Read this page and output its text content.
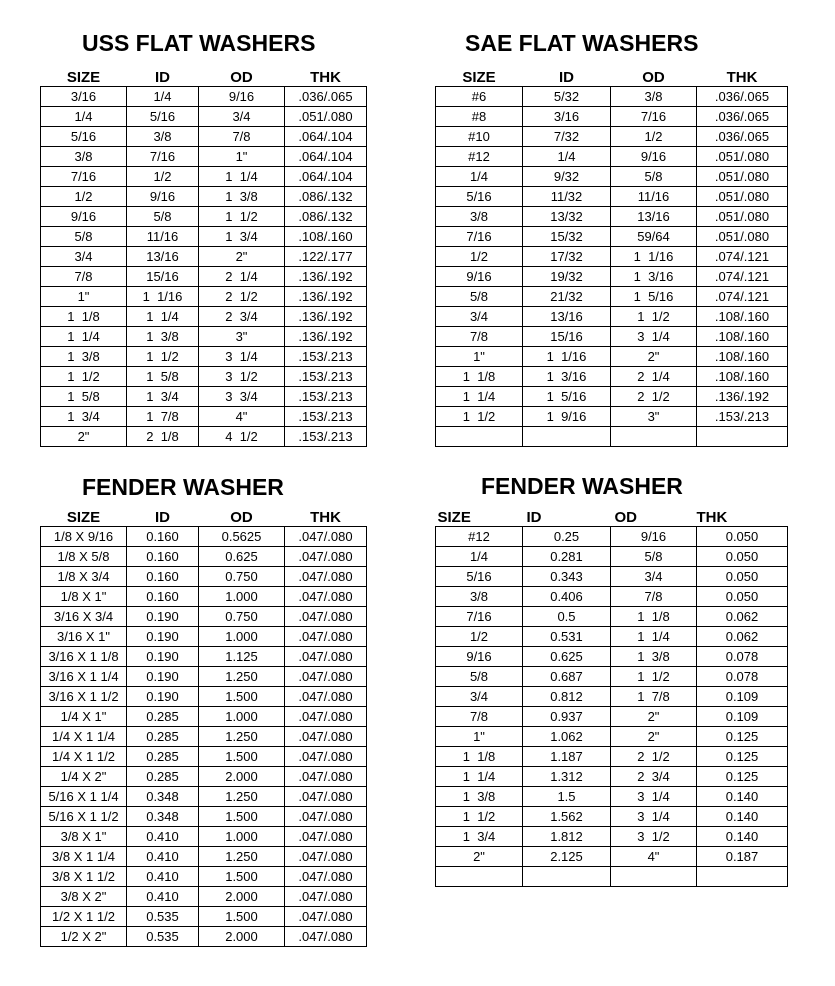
USS FLAT WASHERS	SAE FLAT WASHERS
FENDER WASHER	FENDER WASHER
SIZE	ID	OD	THK
3/16	1/4	9/16	.036/.065
1/4	5/16	3/4	.051/.080
5/16	3/8	7/8	.064/.104
3/8	7/16	1"	.064/.104
7/16	1/2	1  1/4	.064/.104
1/2	9/16	1  3/8	.086/.132
9/16	5/8	1  1/2	.086/.132
5/8	11/16	1  3/4	.108/.160
3/4	13/16	2"	.122/.177
7/8	15/16	2  1/4	.136/.192
1"	1  1/16	2  1/2	.136/.192
1  1/8	1  1/4	2  3/4	.136/.192
1  1/4	1  3/8	3"	.136/.192
1  3/8	1  1/2	3  1/4	.153/.213
1  1/2	1  5/8	3  1/2	.153/.213
1  5/8	1  3/4	3  3/4	.153/.213
1  3/4	1  7/8	4"	.153/.213
2"	2  1/8	4  1/2	.153/.213
SIZE	ID	OD	THK
#6	5/32	3/8	.036/.065
#8	3/16	7/16	.036/.065
#10	7/32	1/2	.036/.065
#12	1/4	9/16	.051/.080
1/4	9/32	5/8	.051/.080
5/16	11/32	11/16	.051/.080
3/8	13/32	13/16	.051/.080
7/16	15/32	59/64	.051/.080
1/2	17/32	1  1/16	.074/.121
9/16	19/32	1  3/16	.074/.121
5/8	21/32	1  5/16	.074/.121
3/4	13/16	1  1/2	.108/.160
7/8	15/16	3  1/4	.108/.160
1"	1  1/16	2"	.108/.160
1  1/8	1  3/16	2  1/4	.108/.160
1  1/4	1  5/16	2  1/2	.136/.192
1  1/2	1  9/16	3"	.153/.213

SIZE	ID	OD	THK
1/8 X 9/16	0.160	0.5625	.047/.080
1/8 X 5/8	0.160	0.625	.047/.080
1/8 X 3/4	0.160	0.750	.047/.080
1/8 X 1"	0.160	1.000	.047/.080
3/16 X 3/4	0.190	0.750	.047/.080
3/16 X 1"	0.190	1.000	.047/.080
3/16 X 1 1/8	0.190	1.125	.047/.080
3/16 X 1 1/4	0.190	1.250	.047/.080
3/16 X 1 1/2	0.190	1.500	.047/.080
1/4 X 1"	0.285	1.000	.047/.080
1/4 X 1 1/4	0.285	1.250	.047/.080
1/4 X 1 1/2	0.285	1.500	.047/.080
1/4 X 2"	0.285	2.000	.047/.080
5/16 X 1 1/4	0.348	1.250	.047/.080
5/16 X 1 1/2	0.348	1.500	.047/.080
3/8 X 1"	0.410	1.000	.047/.080
3/8 X 1 1/4	0.410	1.250	.047/.080
3/8 X 1 1/2	0.410	1.500	.047/.080
3/8 X 2"	0.410	2.000	.047/.080
1/2 X 1 1/2	0.535	1.500	.047/.080
1/2 X 2"	0.535	2.000	.047/.080
SIZE	ID	OD	THK
#12	0.25	9/16	0.050
1/4	0.281	5/8	0.050
5/16	0.343	3/4	0.050
3/8	0.406	7/8	0.050
7/16	0.5	1  1/8	0.062
1/2	0.531	1  1/4	0.062
9/16	0.625	1  3/8	0.078
5/8	0.687	1  1/2	0.078
3/4	0.812	1  7/8	0.109
7/8	0.937	2"	0.109
1"	1.062	2"	0.125
1  1/8	1.187	2  1/2	0.125
1  1/4	1.312	2  3/4	0.125
1  3/8	1.5	3  1/4	0.140
1  1/2	1.562	3  1/4	0.140
1  3/4	1.812	3  1/2	0.140
2"	2.125	4"	0.187
